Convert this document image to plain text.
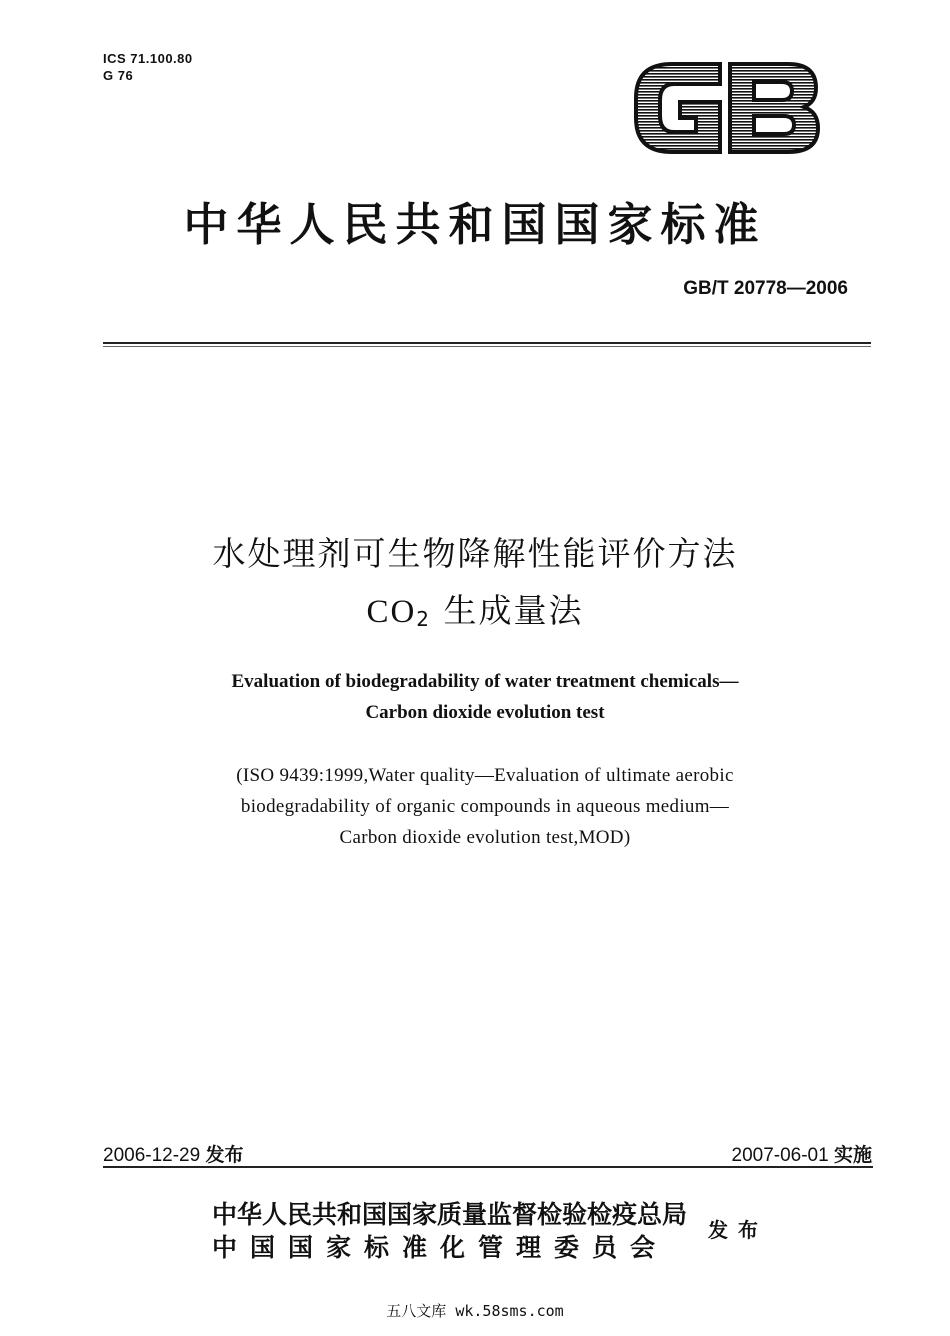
ICS 71.100.80
G 76
中华人民共和国国家标准
GB/T 20778—2006
水处理剂可生物降解性能评价方法
$CO_2$ 生成量法
Evaluation of biodegradability of water treatment chemicals—
Carbon dioxide evolution test
(ISO 9439:1999,Water quality—Evaluation of ultimate aerobic
biodegradability of organic compounds in aqueous medium—
Carbon dioxide evolution test,MOD)
2006-12-29 发布	2007-06-01 实施
中华人民共和国国家质量监督检验检疫总局
中国国家标准化管理委员会
发布
五八文库 wk.58sms.com
